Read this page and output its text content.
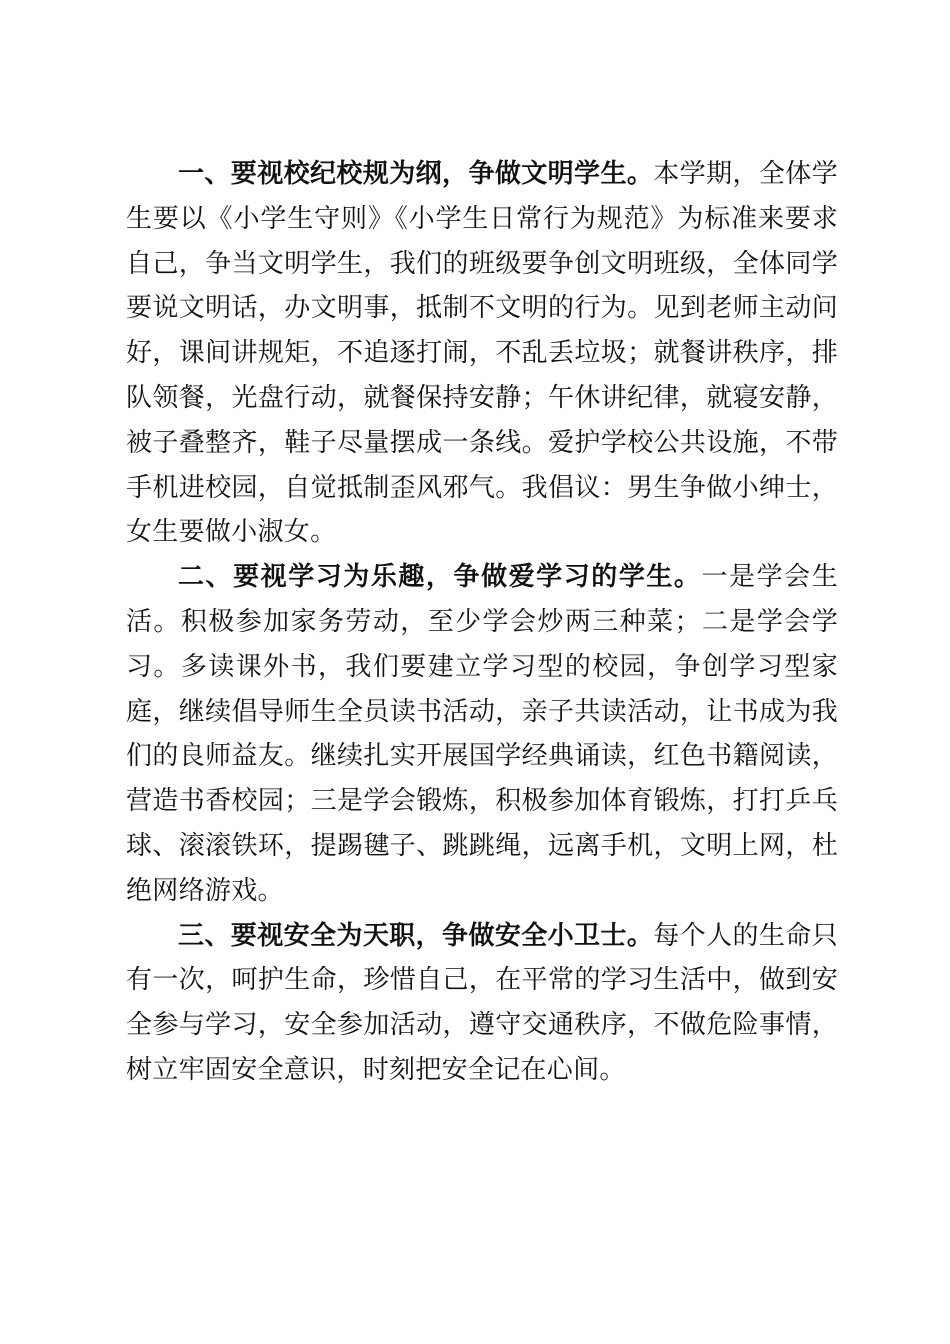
一、要视校纪校规为纲，争做文明学生。本学期，全体学生要以《小学生守则》《小学生日常行为规范》为标准来要求自己，争当文明学生，我们的班级要争创文明班级，全体同学要说文明话，办文明事，抵制不文明的行为。见到老师主动问好，课间讲规矩，不追逐打闹，不乱丢垃圾；就餐讲秩序，排队领餐，光盘行动，就餐保持安静；午休讲纪律，就寝安静，被子叠整齐，鞋子尽量摆成一条线。爱护学校公共设施，不带手机进校园，自觉抵制歪风邪气。我倡议：男生争做小绅士，女生要做小淑女。

二、要视学习为乐趣，争做爱学习的学生。一是学会生活。积极参加家务劳动，至少学会炒两三种菜；二是学会学习。多读课外书，我们要建立学习型的校园，争创学习型家庭，继续倡导师生全员读书活动，亲子共读活动，让书成为我们的良师益友。继续扎实开展国学经典诵读，红色书籍阅读，营造书香校园；三是学会锻炼，积极参加体育锻炼，打打乒乓球、滚滚铁环，提踢毽子、跳跳绳，远离手机，文明上网，杜绝网络游戏。

三、要视安全为天职，争做安全小卫士。每个人的生命只有一次，呵护生命，珍惜自己，在平常的学习生活中，做到安全参与学习，安全参加活动，遵守交通秩序，不做危险事情，树立牢固安全意识，时刻把安全记在心间。
